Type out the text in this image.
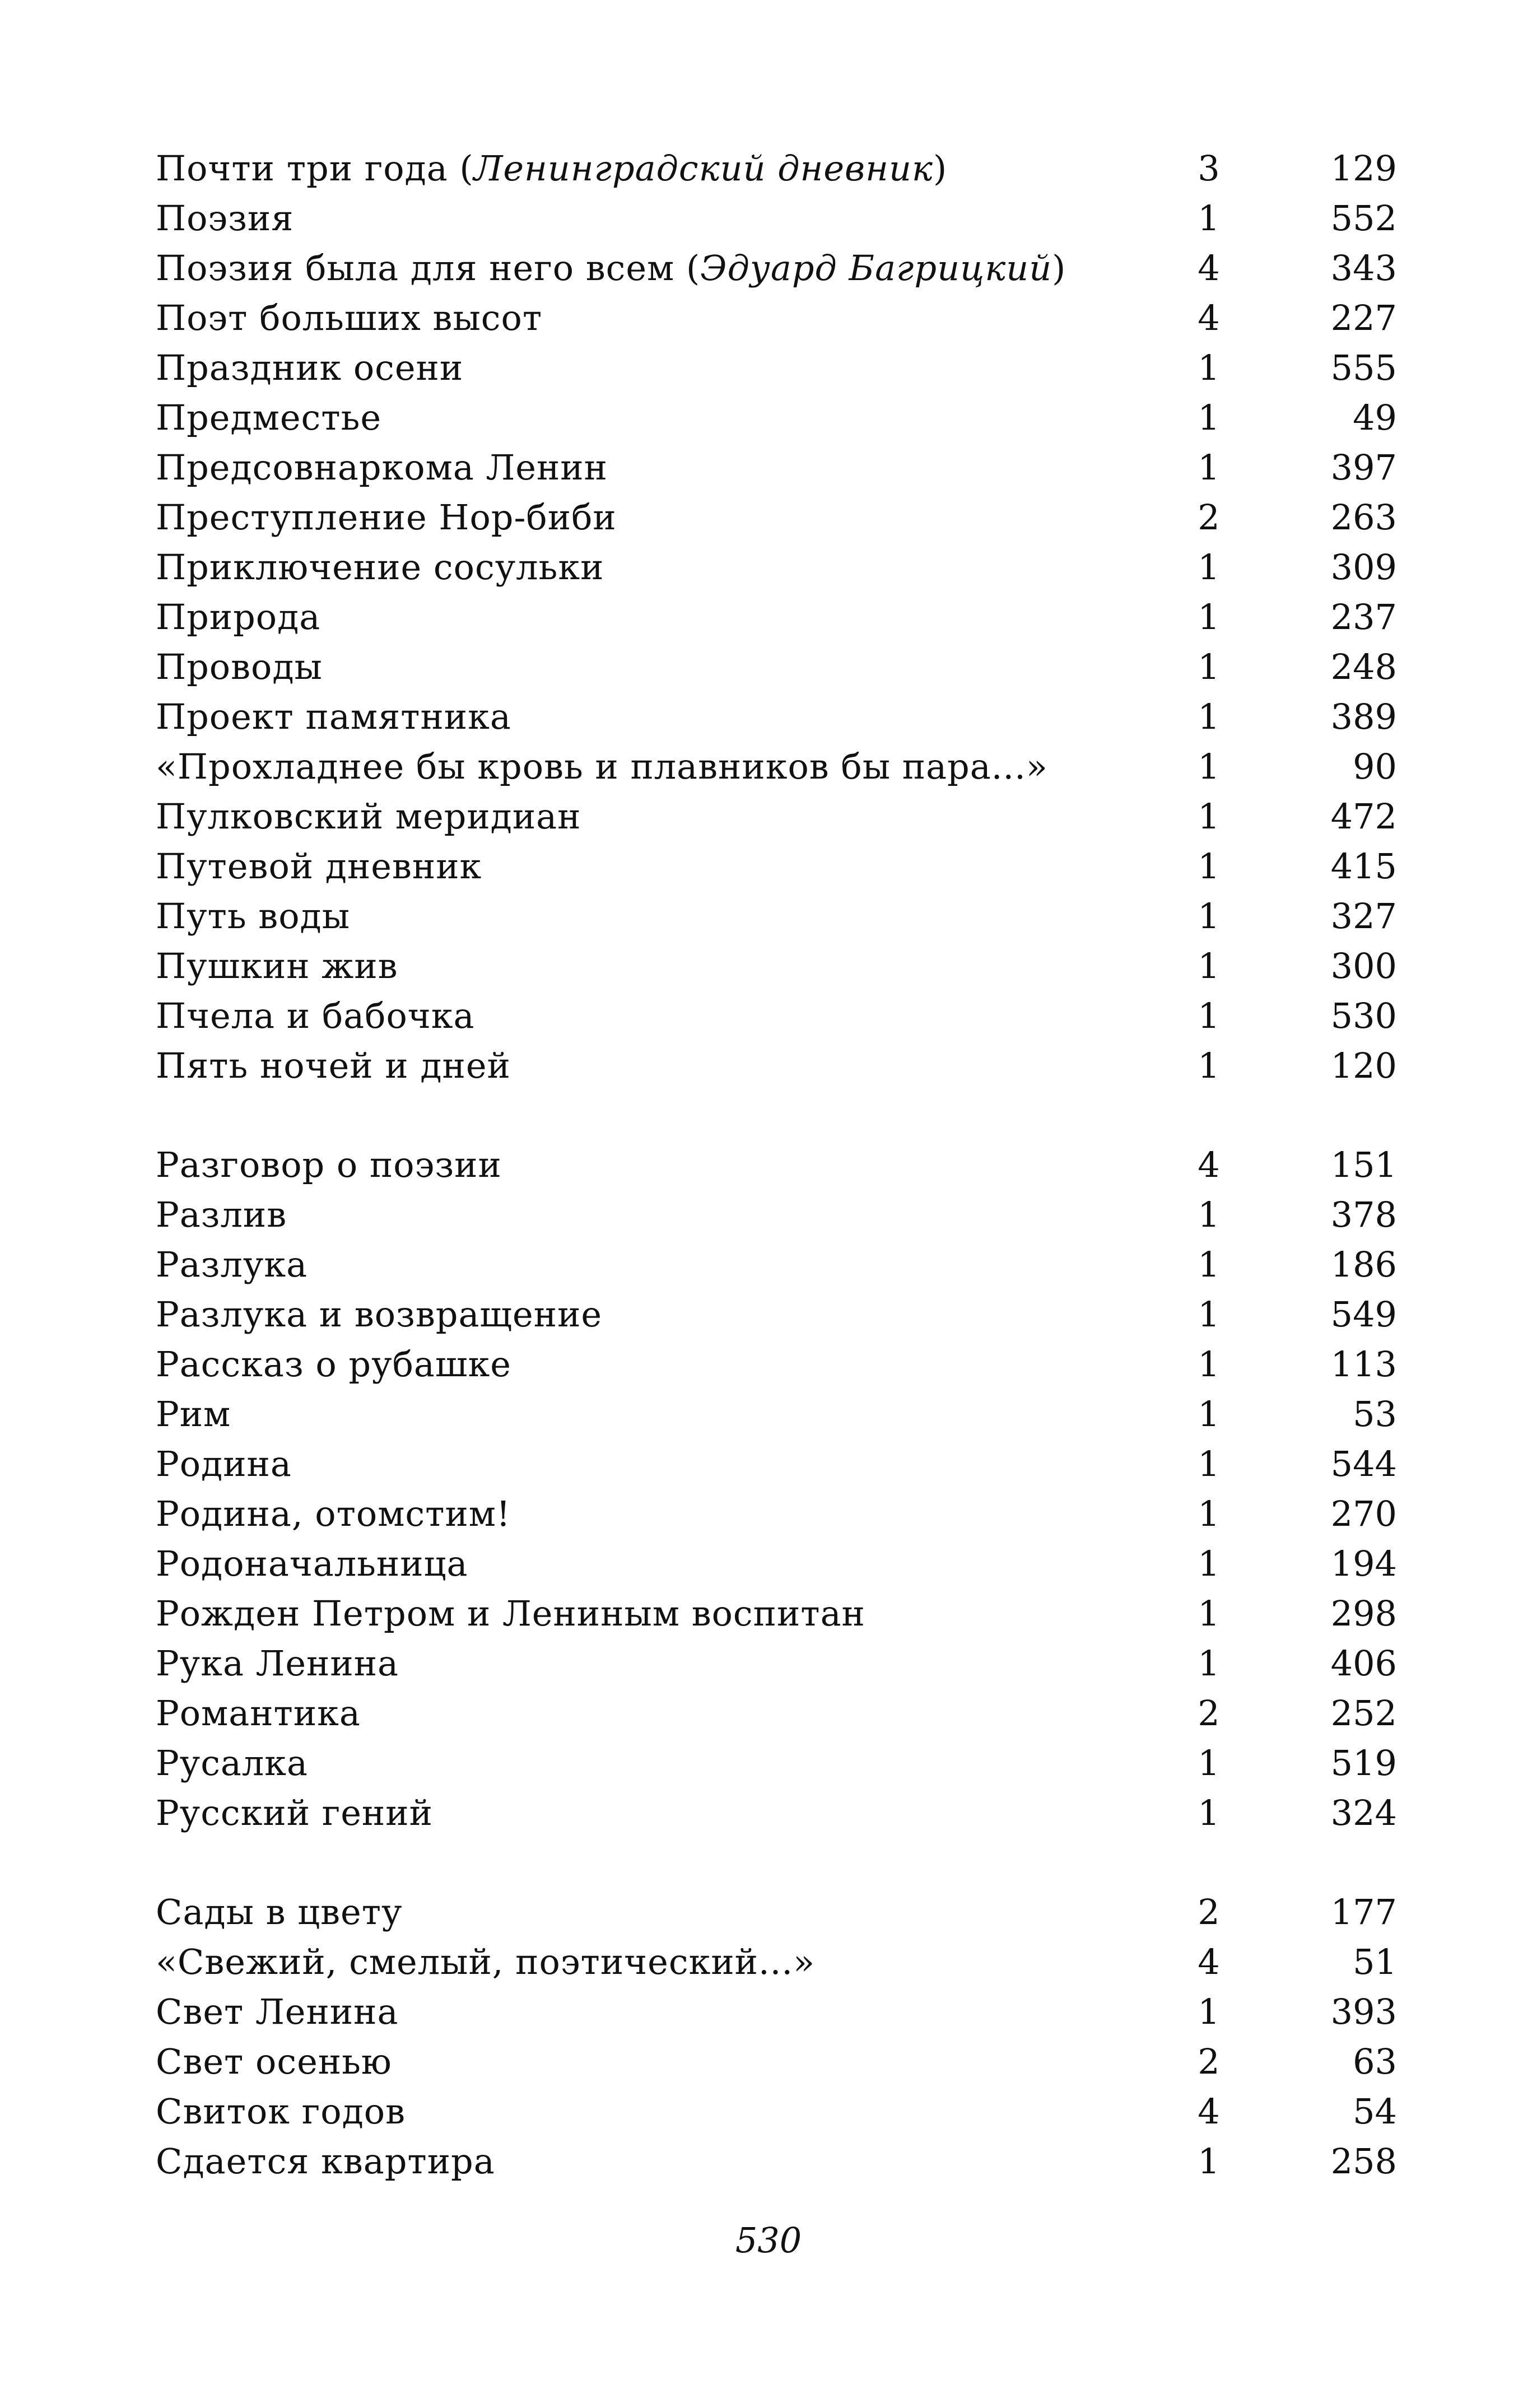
Почти три года (Ленинградский дневник)	3	129
Поэзия	1	552
Поэзия была для него всем (Эдуард Багрицкий)	4	343
Поэт больших высот	4	227
Праздник осени	1	555
Предместье	1	49
Предсовнаркома Ленин	1	397
Преступление Нор-биби	2	263
Приключение сосульки	1	309
Природа	1	237
Проводы	1	248
Проект памятника	1	389
«Прохладнее бы кровь и плавников бы пара...»	1	90
Пулковский меридиан	1	472
Путевой дневник	1	415
Путь воды	1	327
Пушкин жив	1	300
Пчела и бабочка	1	530
Пять ночей и дней	1	120
Разговор о поэзии	4	151
Разлив	1	378
Разлука	1	186
Разлука и возвращение	1	549
Рассказ о рубашке	1	113
Рим	1	53
Родина	1	544
Родина, отомстим!	1	270
Родоначальница	1	194
Рожден Петром и Лениным воспитан	1	298
Рука Ленина	1	406
Романтика	2	252
Русалка	1	519
Русский гений	1	324
Сады в цвету	2	177
«Свежий, смелый, поэтический...»	4	51
Свет Ленина	1	393
Свет осенью	2	63
Свиток годов	4	54
Сдается квартира	1	258
530
